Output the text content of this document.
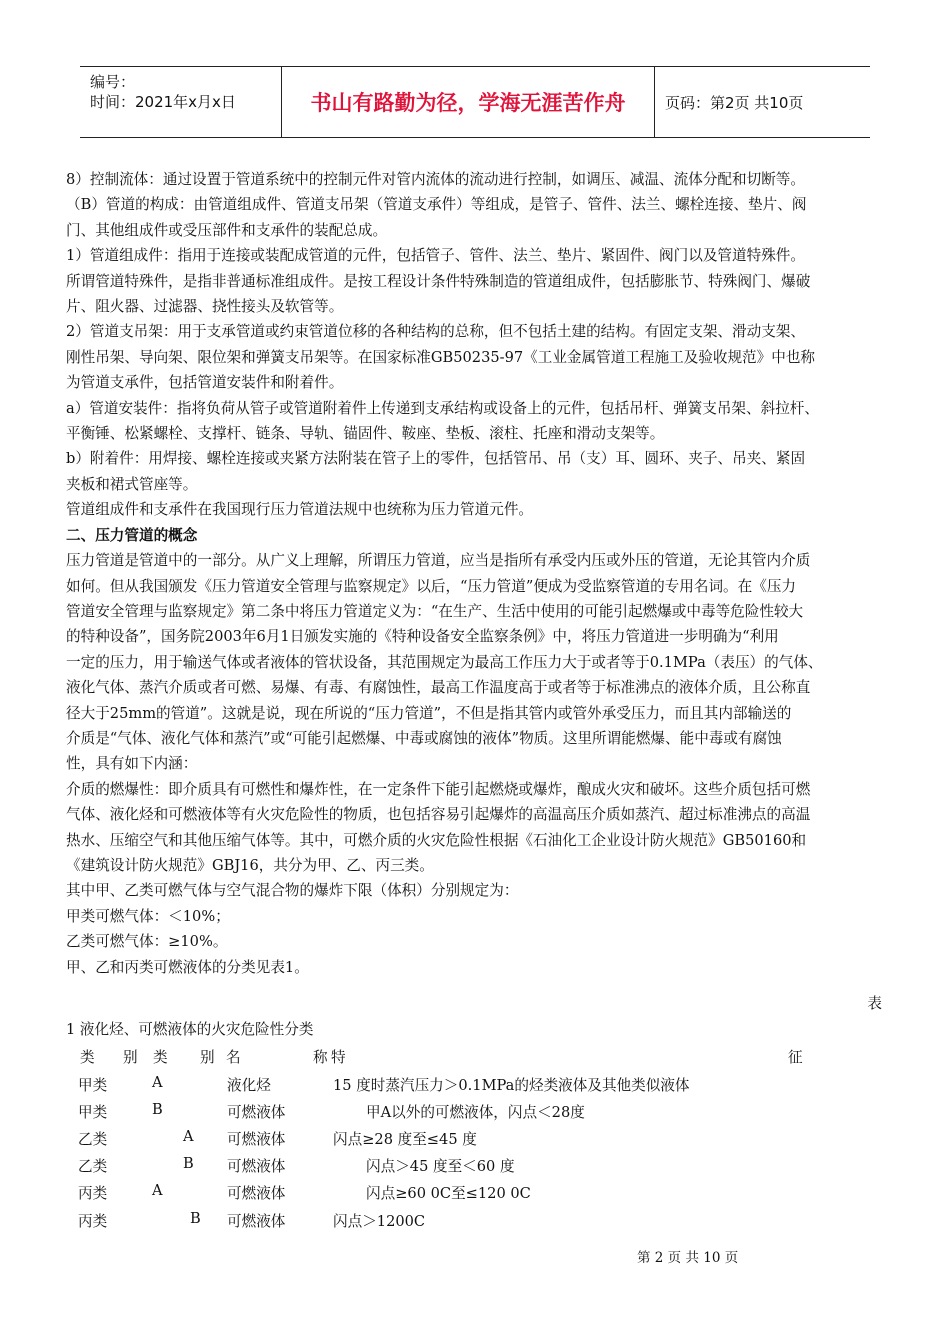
编号：
时间：2021年x月x日	书山有路勤为径，学海无涯苦作舟	页码：第2页 共10页

8）控制流体：通过设置于管道系统中的控制元件对管内流体的流动进行控制，如调压、减温、流体分配和切断等。

（B）管道的构成：由管道组成件、管道支吊架（管道支承件）等组成，是管子、管件、法兰、螺栓连接、垫片、阀

门、其他组成件或受压部件和支承件的装配总成。

1）管道组成件：指用于连接或装配成管道的元件，包括管子、管件、法兰、垫片、紧固件、阀门以及管道特殊件。

所谓管道特殊件，是指非普通标准组成件。是按工程设计条件特殊制造的管道组成件，包括膨胀节、特殊阀门、爆破

片、阻火器、过滤器、挠性接头及软管等。

2）管道支吊架：用于支承管道或约束管道位移的各种结构的总称，但不包括土建的结构。有固定支架、滑动支架、

刚性吊架、导向架、限位架和弹簧支吊架等。在国家标准GB50235-97《工业金属管道工程施工及验收规范》中也称

为管道支承件，包括管道安装件和附着件。

a）管道安装件：指将负荷从管子或管道附着件上传递到支承结构或设备上的元件，包括吊杆、弹簧支吊架、斜拉杆、

平衡锤、松紧螺栓、支撑杆、链条、导轨、锚固件、鞍座、垫板、滚柱、托座和滑动支架等。

b）附着件：用焊接、螺栓连接或夹紧方法附装在管子上的零件，包括管吊、吊（支）耳、圆环、夹子、吊夹、紧固

夹板和裙式管座等。

管道组成件和支承件在我国现行压力管道法规中也统称为压力管道元件。

二、压力管道的概念

压力管道是管道中的一部分。从广义上理解，所谓压力管道，应当是指所有承受内压或外压的管道，无论其管内介质

如何。但从我国颁发《压力管道安全管理与监察规定》以后，“压力管道”便成为受监察管道的专用名词。在《压力

管道安全管理与监察规定》第二条中将压力管道定义为：“在生产、生活中使用的可能引起燃爆或中毒等危险性较大

的特种设备”，国务院2003年6月1日颁发实施的《特种设备安全监察条例》中，将压力管道进一步明确为“利用

一定的压力，用于输送气体或者液体的管状设备，其范围规定为最高工作压力大于或者等于0.1MPa（表压）的气体、

液化气体、蒸汽介质或者可燃、易爆、有毒、有腐蚀性，最高工作温度高于或者等于标准沸点的液体介质，且公称直

径大于25mm的管道”。这就是说，现在所说的“压力管道”，不但是指其管内或管外承受压力，而且其内部输送的

介质是“气体、液化气体和蒸汽”或“可能引起燃爆、中毒或腐蚀的液体”物质。这里所谓能燃爆、能中毒或有腐蚀

性，具有如下内涵：

介质的燃爆性：即介质具有可燃性和爆炸性，在一定条件下能引起燃烧或爆炸，酿成火灾和破坏。这些介质包括可燃

气体、液化烃和可燃液体等有火灾危险性的物质，也包括容易引起爆炸的高温高压介质如蒸汽、超过标准沸点的高温

热水、压缩空气和其他压缩气体等。其中，可燃介质的火灾危险性根据《石油化工企业设计防火规范》GB50160和

《建筑设计防火规范》GBJ16，共分为甲、乙、丙三类。

其中甲、乙类可燃气体与空气混合物的爆炸下限（体积）分别规定为：

甲类可燃气体：＜10%；

乙类可燃气体：≥10%。

甲、乙和丙类可燃液体的分类见表1。

表
1 液化烃、可燃液体的火灾危险性分类
类 别 类 别 名	称 特	征
甲类	A	液化烃	15 度时蒸汽压力＞0.1MPa的烃类液体及其他类似液体
甲类	B	可燃液体	甲A以外的可燃液体，闪点＜28度
乙类	A 可燃液体	闪点≥28 度至≤45 度
乙类	B 可燃液体	闪点＞45 度至＜60 度
丙类	A	可燃液体	闪点≥60 0C至≤120 0C
丙类	B 可燃液体	闪点＞1200C
第 2 页 共 10 页
